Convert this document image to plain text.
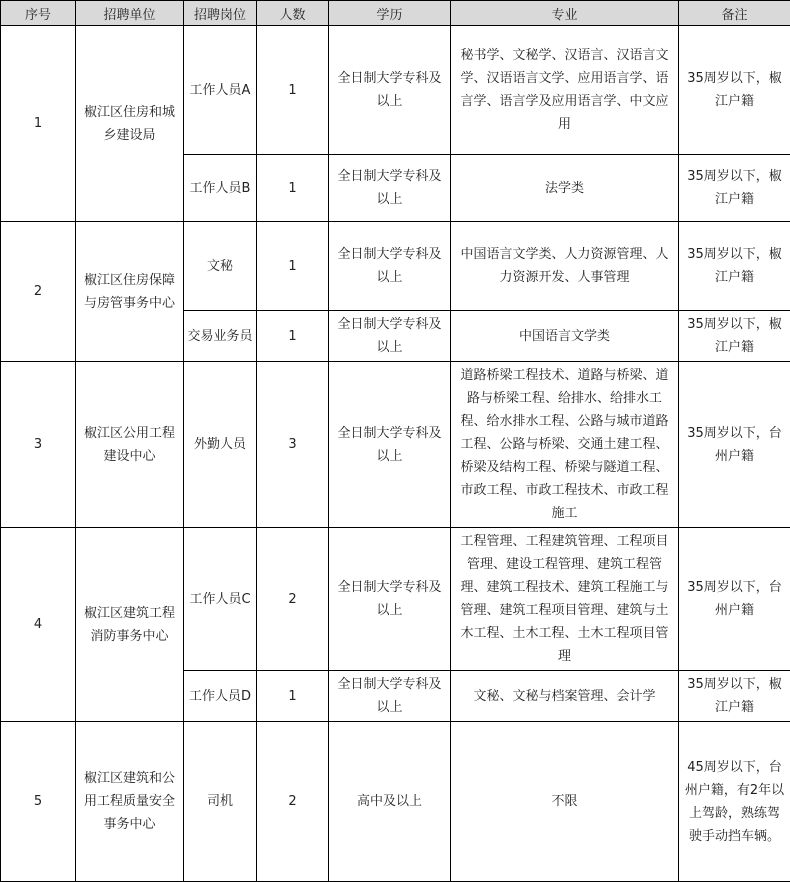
序号	招聘单位	招聘岗位	人数	学历	专业	备注
1	椒江区住房和城乡建设局	工作人员A	1	全日制大学专科及以上	秘书学、文秘学、汉语言、汉语言文学、汉语语言文学、应用语言学、语言学、语言学及应用语言学、中文应用	35周岁以下，椒江户籍
		工作人员B	1	全日制大学专科及以上	法学类	35周岁以下，椒江户籍
2	椒江区住房保障与房管事务中心	文秘	1	全日制大学专科及以上	中国语言文学类、人力资源管理、人力资源开发、人事管理	35周岁以下，椒江户籍
		交易业务员	1	全日制大学专科及以上	中国语言文学类	35周岁以下，椒江户籍
3	椒江区公用工程建设中心	外勤人员	3	全日制大学专科及以上	道路桥梁工程技术、道路与桥梁、道路与桥梁工程、给排水、给排水工程、给水排水工程、公路与城市道路工程、公路与桥梁、交通土建工程、桥梁及结构工程、桥梁与隧道工程、市政工程、市政工程技术、市政工程施工	35周岁以下，台州户籍
4	椒江区建筑工程消防事务中心	工作人员C	2	全日制大学专科及以上	工程管理、工程建筑管理、工程项目管理、建设工程管理、建筑工程管理、建筑工程技术、建筑工程施工与管理、建筑工程项目管理、建筑与土木工程、土木工程、土木工程项目管理	35周岁以下，台州户籍
		工作人员D	1	全日制大学专科及以上	文秘、文秘与档案管理、会计学	35周岁以下，椒江户籍
5	椒江区建筑和公用工程质量安全事务中心	司机	2	高中及以上	不限	45周岁以下，台州户籍，有2年以上驾龄，熟练驾驶手动挡车辆。
